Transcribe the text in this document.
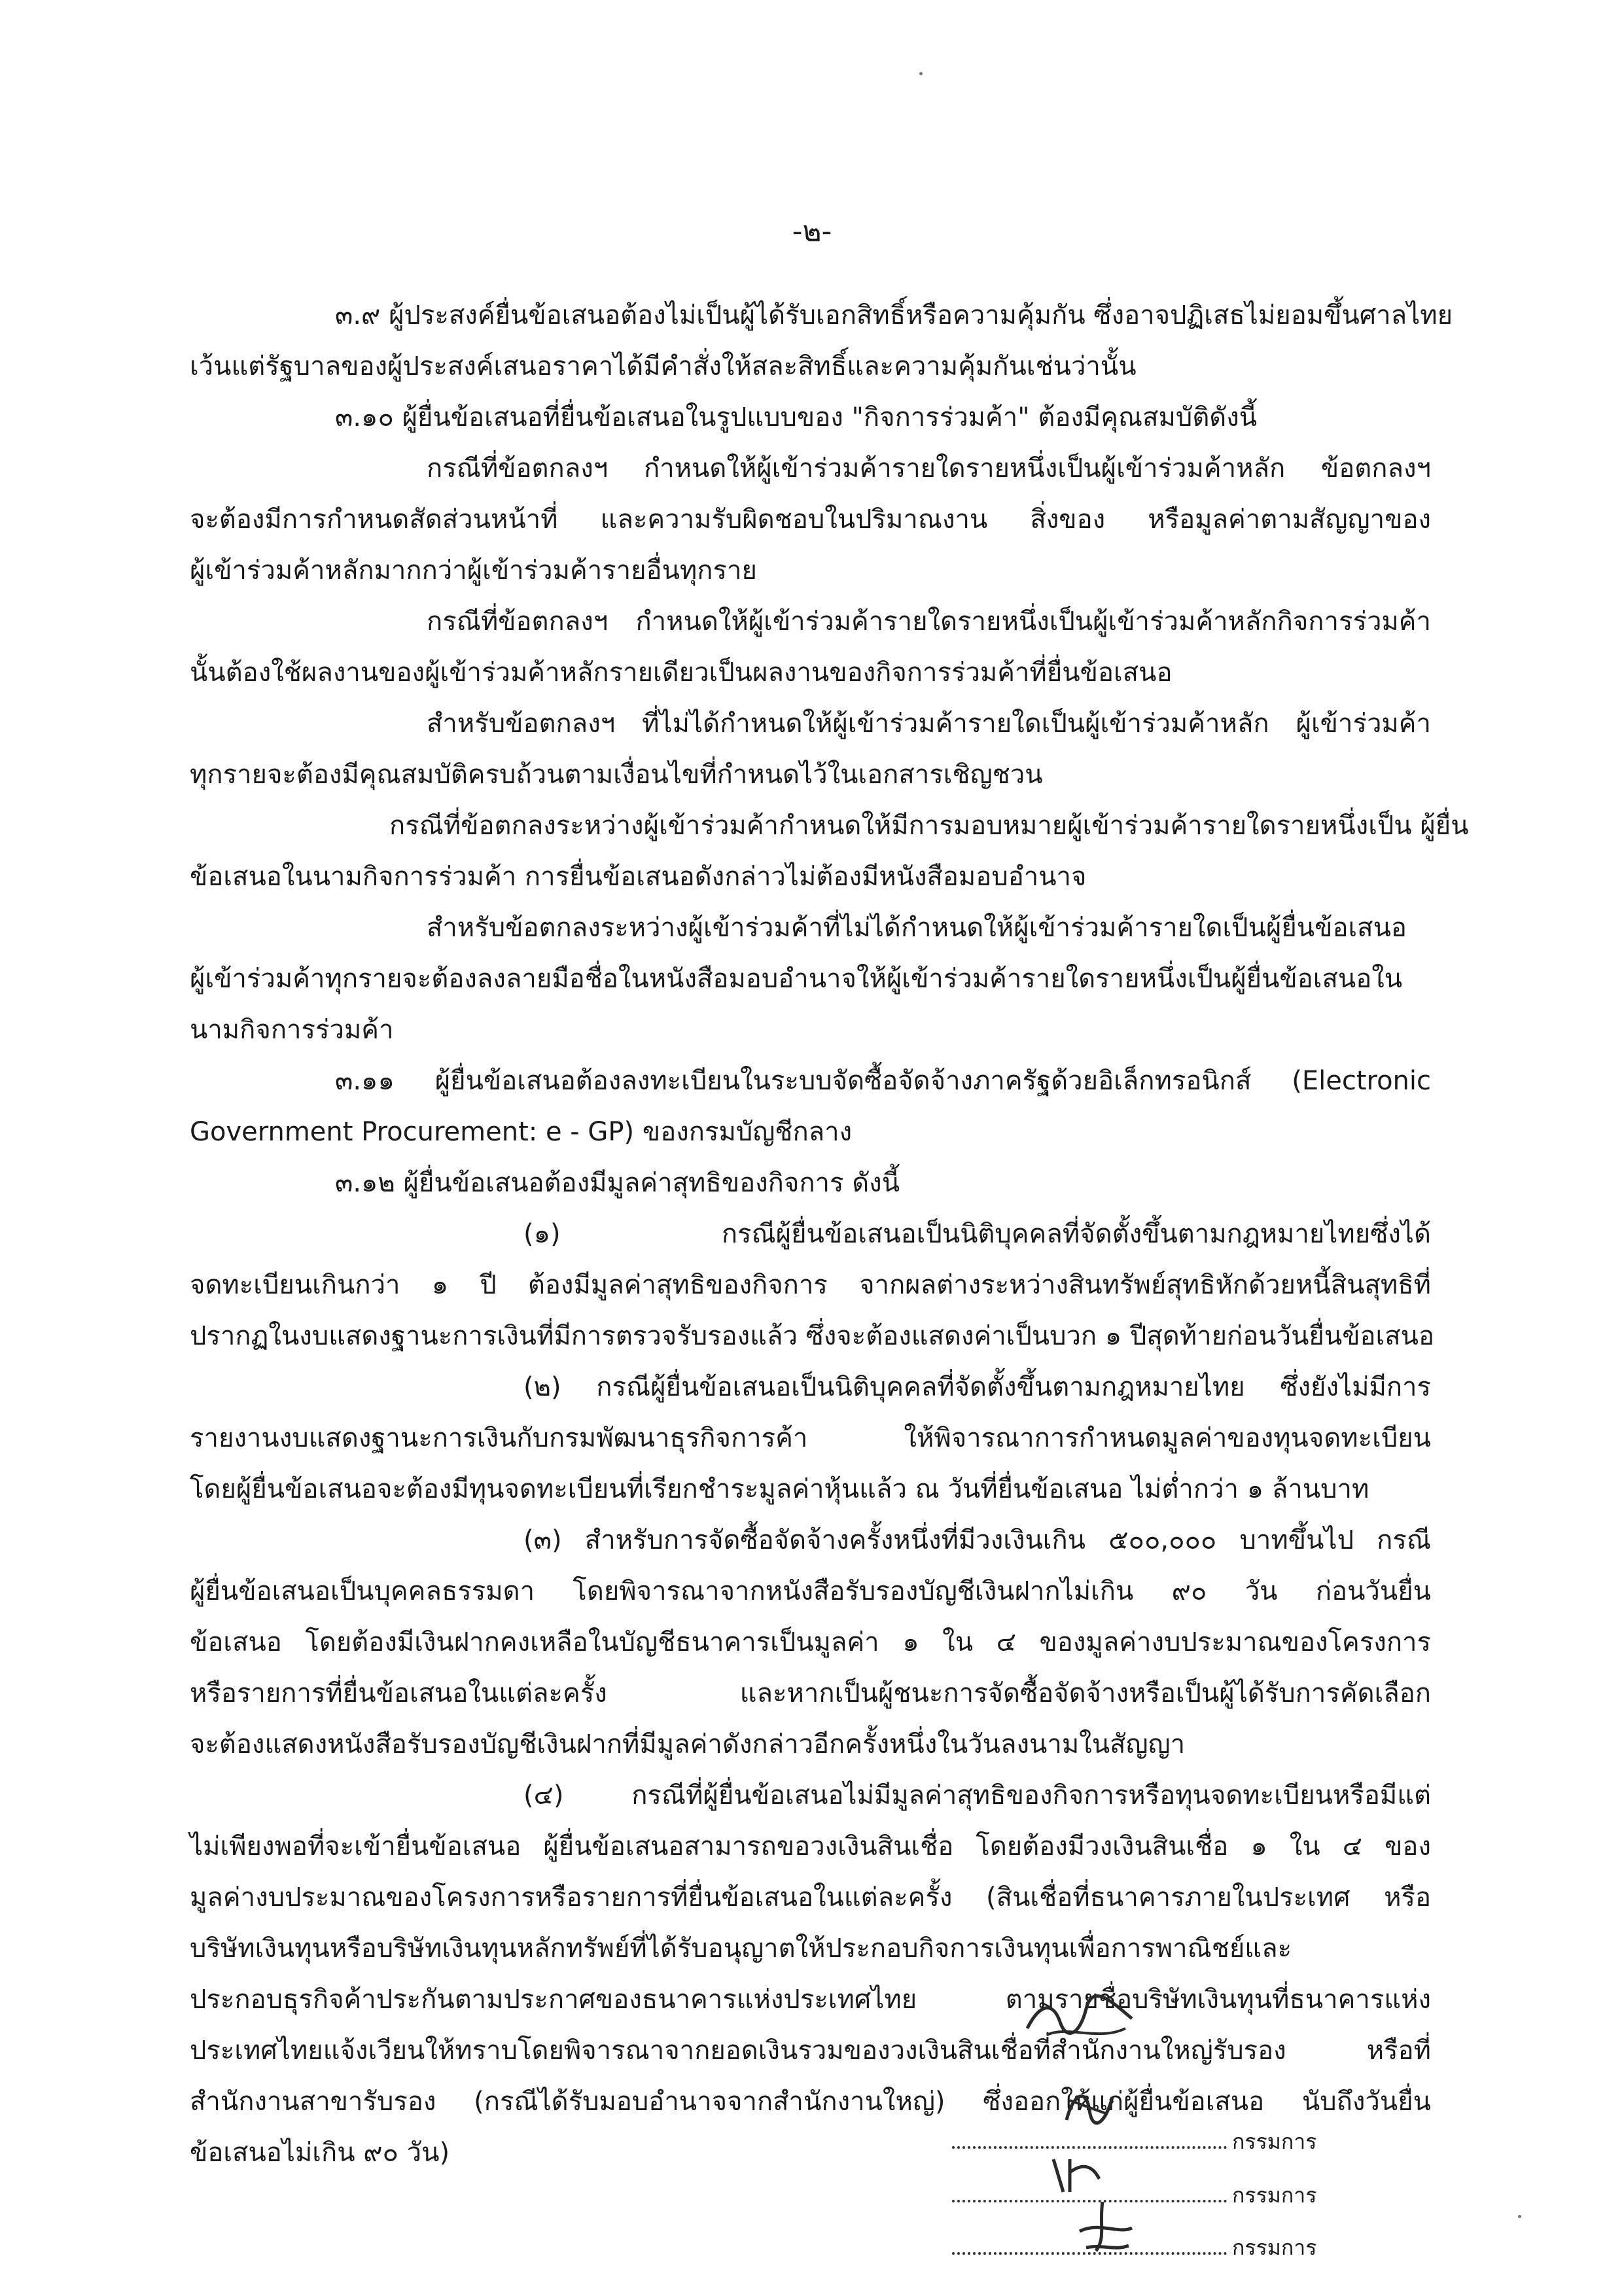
-๒-
๓.๙ ผู้ประสงค์ยื่นข้อเสนอต้องไม่เป็นผู้ได้รับเอกสิทธิ์หรือความคุ้มกัน ซึ่งอาจปฏิเสธไม่ยอมขึ้นศาลไทย
เว้นแต่รัฐบาลของผู้ประสงค์เสนอราคาได้มีคำสั่งให้สละสิทธิ์และความคุ้มกันเช่นว่านั้น
๓.๑๐ ผู้ยื่นข้อเสนอที่ยื่นข้อเสนอในรูปแบบของ "กิจการร่วมค้า" ต้องมีคุณสมบัติดังนี้
กรณีที่ข้อตกลงฯ กำหนดให้ผู้เข้าร่วมค้ารายใดรายหนึ่งเป็นผู้เข้าร่วมค้าหลัก ข้อตกลงฯ
จะต้องมีการกำหนดสัดส่วนหน้าที่ และความรับผิดชอบในปริมาณงาน สิ่งของ หรือมูลค่าตามสัญญาของ
ผู้เข้าร่วมค้าหลักมากกว่าผู้เข้าร่วมค้ารายอื่นทุกราย
กรณีที่ข้อตกลงฯ กำหนดให้ผู้เข้าร่วมค้ารายใดรายหนึ่งเป็นผู้เข้าร่วมค้าหลักกิจการร่วมค้า
นั้นต้องใช้ผลงานของผู้เข้าร่วมค้าหลักรายเดียวเป็นผลงานของกิจการร่วมค้าที่ยื่นข้อเสนอ
สำหรับข้อตกลงฯ ที่ไม่ได้กำหนดให้ผู้เข้าร่วมค้ารายใดเป็นผู้เข้าร่วมค้าหลัก ผู้เข้าร่วมค้า
ทุกรายจะต้องมีคุณสมบัติครบถ้วนตามเงื่อนไขที่กำหนดไว้ในเอกสารเชิญชวน
กรณีที่ข้อตกลงระหว่างผู้เข้าร่วมค้ากำหนดให้มีการมอบหมายผู้เข้าร่วมค้ารายใดรายหนึ่งเป็น ผู้ยื่น
ข้อเสนอในนามกิจการร่วมค้า การยื่นข้อเสนอดังกล่าวไม่ต้องมีหนังสือมอบอำนาจ
สำหรับข้อตกลงระหว่างผู้เข้าร่วมค้าที่ไม่ได้กำหนดให้ผู้เข้าร่วมค้ารายใดเป็นผู้ยื่นข้อเสนอ
ผู้เข้าร่วมค้าทุกรายจะต้องลงลายมือชื่อในหนังสือมอบอำนาจให้ผู้เข้าร่วมค้ารายใดรายหนึ่งเป็นผู้ยื่นข้อเสนอใน
นามกิจการร่วมค้า
๓.๑๑ ผู้ยื่นข้อเสนอต้องลงทะเบียนในระบบจัดซื้อจัดจ้างภาครัฐด้วยอิเล็กทรอนิกส์ (Electronic
Government Procurement: e - GP) ของกรมบัญชีกลาง
๓.๑๒ ผู้ยื่นข้อเสนอต้องมีมูลค่าสุทธิของกิจการ ดังนี้
(๑) กรณีผู้ยื่นข้อเสนอเป็นนิติบุคคลที่จัดตั้งขึ้นตามกฎหมายไทยซึ่งได้
จดทะเบียนเกินกว่า ๑ ปี ต้องมีมูลค่าสุทธิของกิจการ จากผลต่างระหว่างสินทรัพย์สุทธิหักด้วยหนี้สินสุทธิที่
ปรากฏในงบแสดงฐานะการเงินที่มีการตรวจรับรองแล้ว ซึ่งจะต้องแสดงค่าเป็นบวก ๑ ปีสุดท้ายก่อนวันยื่นข้อเสนอ
(๒) กรณีผู้ยื่นข้อเสนอเป็นนิติบุคคลที่จัดตั้งขึ้นตามกฎหมายไทย ซึ่งยังไม่มีการ
รายงานงบแสดงฐานะการเงินกับกรมพัฒนาธุรกิจการค้า ให้พิจารณาการกำหนดมูลค่าของทุนจดทะเบียน
โดยผู้ยื่นข้อเสนอจะต้องมีทุนจดทะเบียนที่เรียกชำระมูลค่าหุ้นแล้ว ณ วันที่ยื่นข้อเสนอ ไม่ต่ำกว่า ๑ ล้านบาท
(๓) สำหรับการจัดซื้อจัดจ้างครั้งหนึ่งที่มีวงเงินเกิน ๕๐๐,๐๐๐ บาทขึ้นไป กรณี
ผู้ยื่นข้อเสนอเป็นบุคคลธรรมดา โดยพิจารณาจากหนังสือรับรองบัญชีเงินฝากไม่เกิน ๙๐ วัน ก่อนวันยื่น
ข้อเสนอ โดยต้องมีเงินฝากคงเหลือในบัญชีธนาคารเป็นมูลค่า ๑ ใน ๔ ของมูลค่างบประมาณของโครงการ
หรือรายการที่ยื่นข้อเสนอในแต่ละครั้ง และหากเป็นผู้ชนะการจัดซื้อจัดจ้างหรือเป็นผู้ได้รับการคัดเลือก
จะต้องแสดงหนังสือรับรองบัญชีเงินฝากที่มีมูลค่าดังกล่าวอีกครั้งหนึ่งในวันลงนามในสัญญา
(๔) กรณีที่ผู้ยื่นข้อเสนอไม่มีมูลค่าสุทธิของกิจการหรือทุนจดทะเบียนหรือมีแต่
ไม่เพียงพอที่จะเข้ายื่นข้อเสนอ ผู้ยื่นข้อเสนอสามารถขอวงเงินสินเชื่อ โดยต้องมีวงเงินสินเชื่อ ๑ ใน ๔ ของ
มูลค่างบประมาณของโครงการหรือรายการที่ยื่นข้อเสนอในแต่ละครั้ง (สินเชื่อที่ธนาคารภายในประเทศ หรือ
บริษัทเงินทุนหรือบริษัทเงินทุนหลักทรัพย์ที่ได้รับอนุญาตให้ประกอบกิจการเงินทุนเพื่อการพาณิชย์และ
ประกอบธุรกิจค้าประกันตามประกาศของธนาคารแห่งประเทศไทย ตามรายชื่อบริษัทเงินทุนที่ธนาคารแห่ง
ประเทศไทยแจ้งเวียนให้ทราบโดยพิจารณาจากยอดเงินรวมของวงเงินสินเชื่อที่สำนักงานใหญ่รับรอง หรือที่
สำนักงานสาขารับรอง (กรณีได้รับมอบอำนาจจากสำนักงานใหญ่) ซึ่งออกให้แก่ผู้ยื่นข้อเสนอ นับถึงวันยื่น
ข้อเสนอไม่เกิน ๙๐ วัน)	กรรมการ
กรรมการ
กรรมการ
